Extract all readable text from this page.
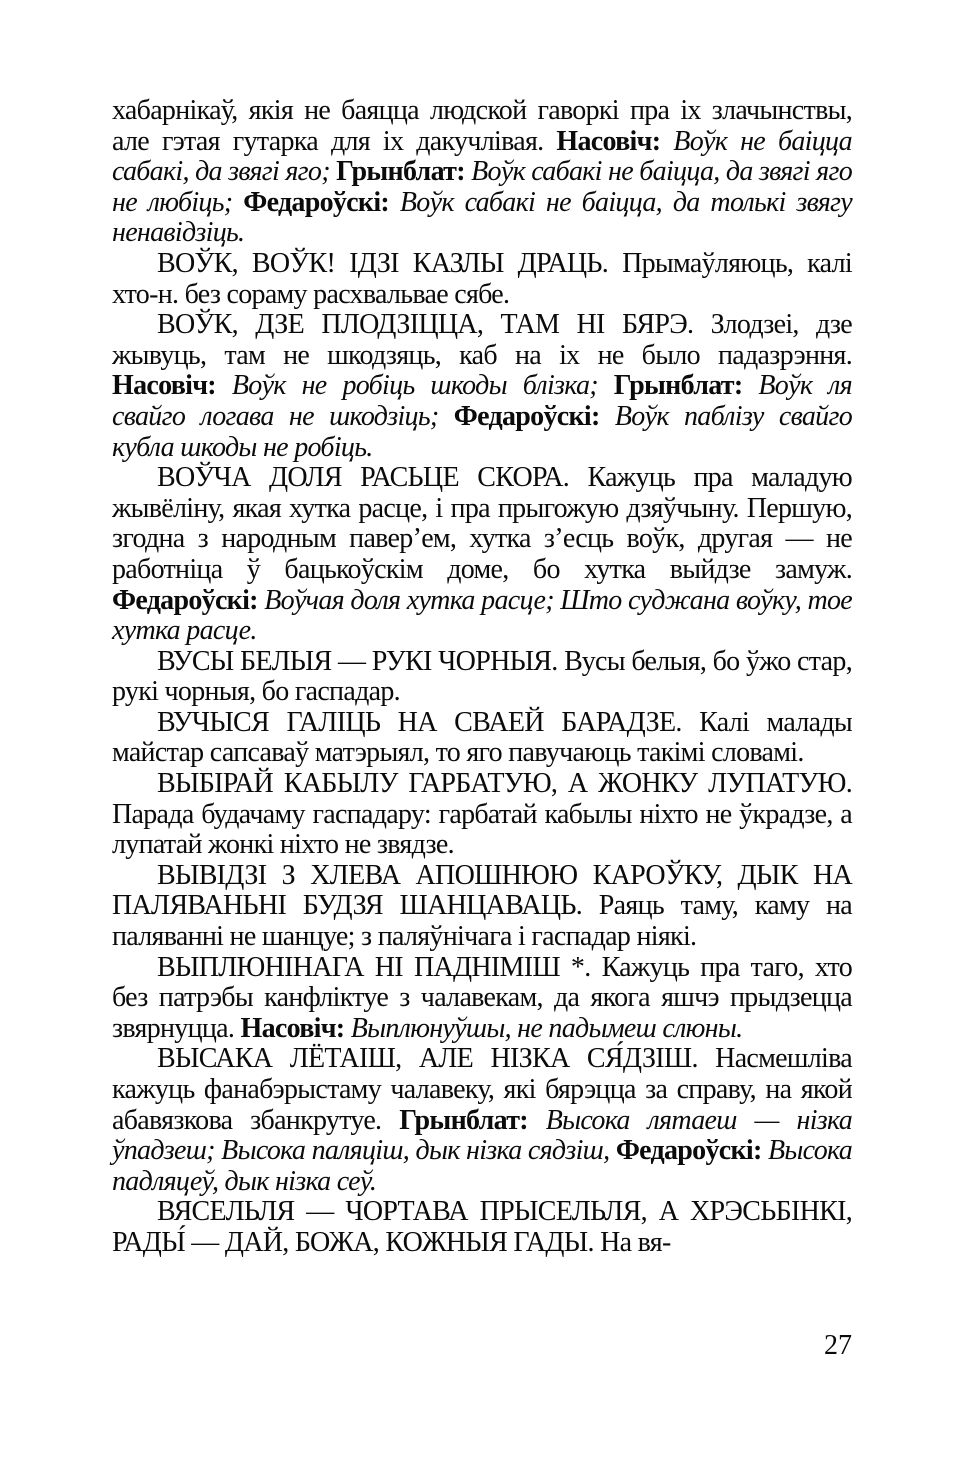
хабарнікаў, якія не баяцца людской гаворкі пра іх злачынствы, але гэтая гутарка для іх дакучлівая. Насовіч: Воўк не баіцца сабакі, да звягі яго; Грынблат: Воўк сабакі не баіцца, да звягі яго не любіць; Федароўскі: Воўк сабакі не баіцца, да толькі звягу ненавідзіць.

ВОЎК, ВОЎК! ІДЗІ КАЗЛЫ ДРАЦЬ. Прымаўляюць, калі хто-н. без сораму расхвальвае сябе.

ВОЎК, ДЗЕ ПЛОДЗІЦЦА, ТАМ НІ БЯРЭ. Злодзеі, дзе жывуць, там не шкодзяць, каб на іх не было падазрэння. Насовіч: Воўк не робіць шкоды блізка; Грынблат: Воўк ля свайго логава не шкодзіць; Федароўскі: Воўк паблізу свайго кубла шкоды не робіць.

ВОЎЧА ДОЛЯ РАСЬЦЕ СКОРА. Кажуць пра маладую жывёліну, якая хутка расце, і пра прыгожую дзяўчыну. Першую, згодна з народным павер’ем, хутка з’есць воўк, другая — не работніца ў бацькоўскім доме, бо хутка выйдзе замуж. Федароўскі: Воўчая доля хутка расце; Што суджана воўку, тое хутка расце.

ВУСЫ БЕЛЫЯ — РУКІ ЧОРНЫЯ. Вусы белыя, бо ўжо стар, рукі чорныя, бо гаспадар.

ВУЧЫСЯ ГАЛІЦЬ НА СВАЕЙ БАРАДЗЕ. Калі малады майстар сапсаваў матэрыял, то яго павучаюць такімі словамі.

ВЫБІРАЙ КАБЫЛУ ГАРБАТУЮ, А ЖОНКУ ЛУПАТУЮ. Парада будачаму гаспадару: гарбатай кабылы ніхто не ўкрадзе, а лупатай жонкі ніхто не звядзе.

ВЫВІДЗІ З ХЛЕВА АПОШНЮЮ КАРОЎКУ, ДЫК НА ПАЛЯВАНЬНІ БУДЗЯ ШАНЦАВАЦЬ. Раяць таму, каму на паляванні не шанцуе; з паляўнічага і гаспадар ніякі.

ВЫПЛЮНІНАГА НІ ПАДНІМІШ *. Кажуць пра таго, хто без патрэбы канфліктуе з чалавекам, да якога яшчэ прыдзецца звярнуцца. Насовіч: Выплюнуўшы, не падымеш слюны.

ВЫСАКА ЛЁТАІШ, АЛЕ НІЗКА СЯ́ДЗІШ. Насмешліва кажуць фанабэрыстаму чалавеку, які бярэцца за справу, на якой абавязкова збанкрутуе. Грынблат: Высока лятаеш — нізка ўпадзеш; Высока паляціш, дык нізка сядзіш, Федароўскі: Высока падляцеў, дык нізка сеў.

ВЯСЕЛЬЛЯ — ЧОРТАВА ПРЫСЕЛЬЛЯ, А ХРЭСЬБІНКІ, РАДЫ́ — ДАЙ, БОЖА, КОЖНЫЯ ГАДЫ. На вя-

27
